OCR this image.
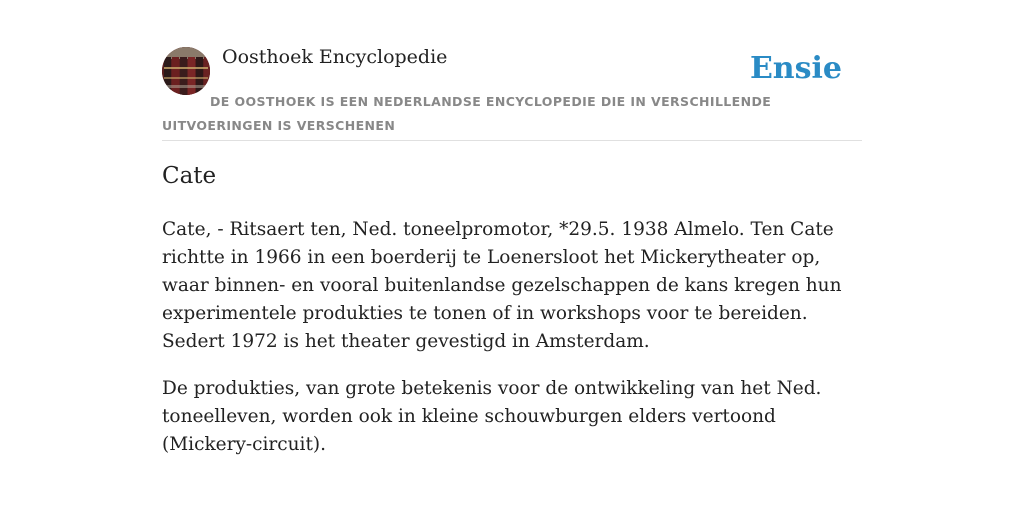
Oosthoek Encyclopedie	Ensie
DE OOSTHOEK IS EEN NEDERLANDSE ENCYCLOPEDIE DIE IN VERSCHILLENDE UITVOERINGEN IS VERSCHENEN
Cate

Cate, - Ritsaert ten, Ned. toneelpromotor, *29.5. 1938 Almelo. Ten Cate richtte in 1966 in een boerderij te Loenersloot het Mickerytheater op, waar binnen- en vooral buitenlandse gezelschappen de kans kregen hun experimentele produkties te tonen of in workshops voor te bereiden. Sedert 1972 is het theater gevestigd in Amsterdam.

De produkties, van grote betekenis voor de ontwikkeling van het Ned. toneelleven, worden ook in kleine schouwburgen elders vertoond (Mickery-circuit).
